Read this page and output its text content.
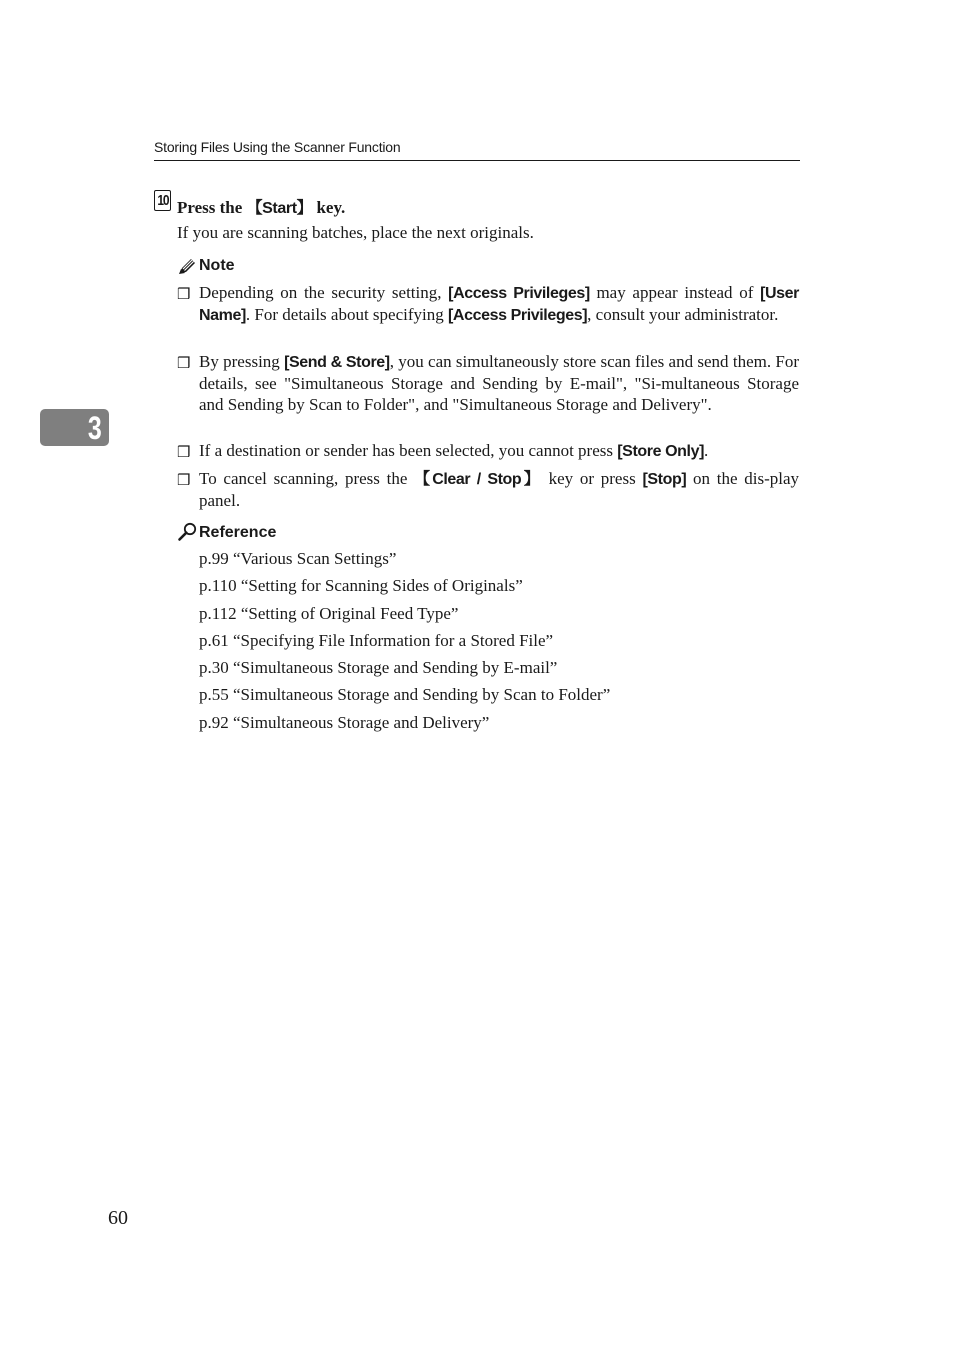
Storing Files Using the Scanner Function
3
10 Press the 【Start】 key.
If you are scanning batches, place the next originals.
Note
❒ Depending on the security setting, [Access Privileges] may appear instead of [User Name]. For details about specifying [Access Privileges], consult your administrator.
❒ By pressing [Send & Store], you can simultaneously store scan files and send them. For details, see "Simultaneous Storage and Sending by E-mail", "Si-multaneous Storage and Sending by Scan to Folder", and "Simultaneous Storage and Delivery".
❒ If a destination or sender has been selected, you cannot press [Store Only].
❒ To cancel scanning, press the 【Clear / Stop】 key or press [Stop] on the dis-play panel.
Reference
p.99 “Various Scan Settings”
p.110 “Setting for Scanning Sides of Originals”
p.112 “Setting of Original Feed Type”
p.61 “Specifying File Information for a Stored File”
p.30 “Simultaneous Storage and Sending by E-mail”
p.55 “Simultaneous Storage and Sending by Scan to Folder”
p.92 “Simultaneous Storage and Delivery”
60
